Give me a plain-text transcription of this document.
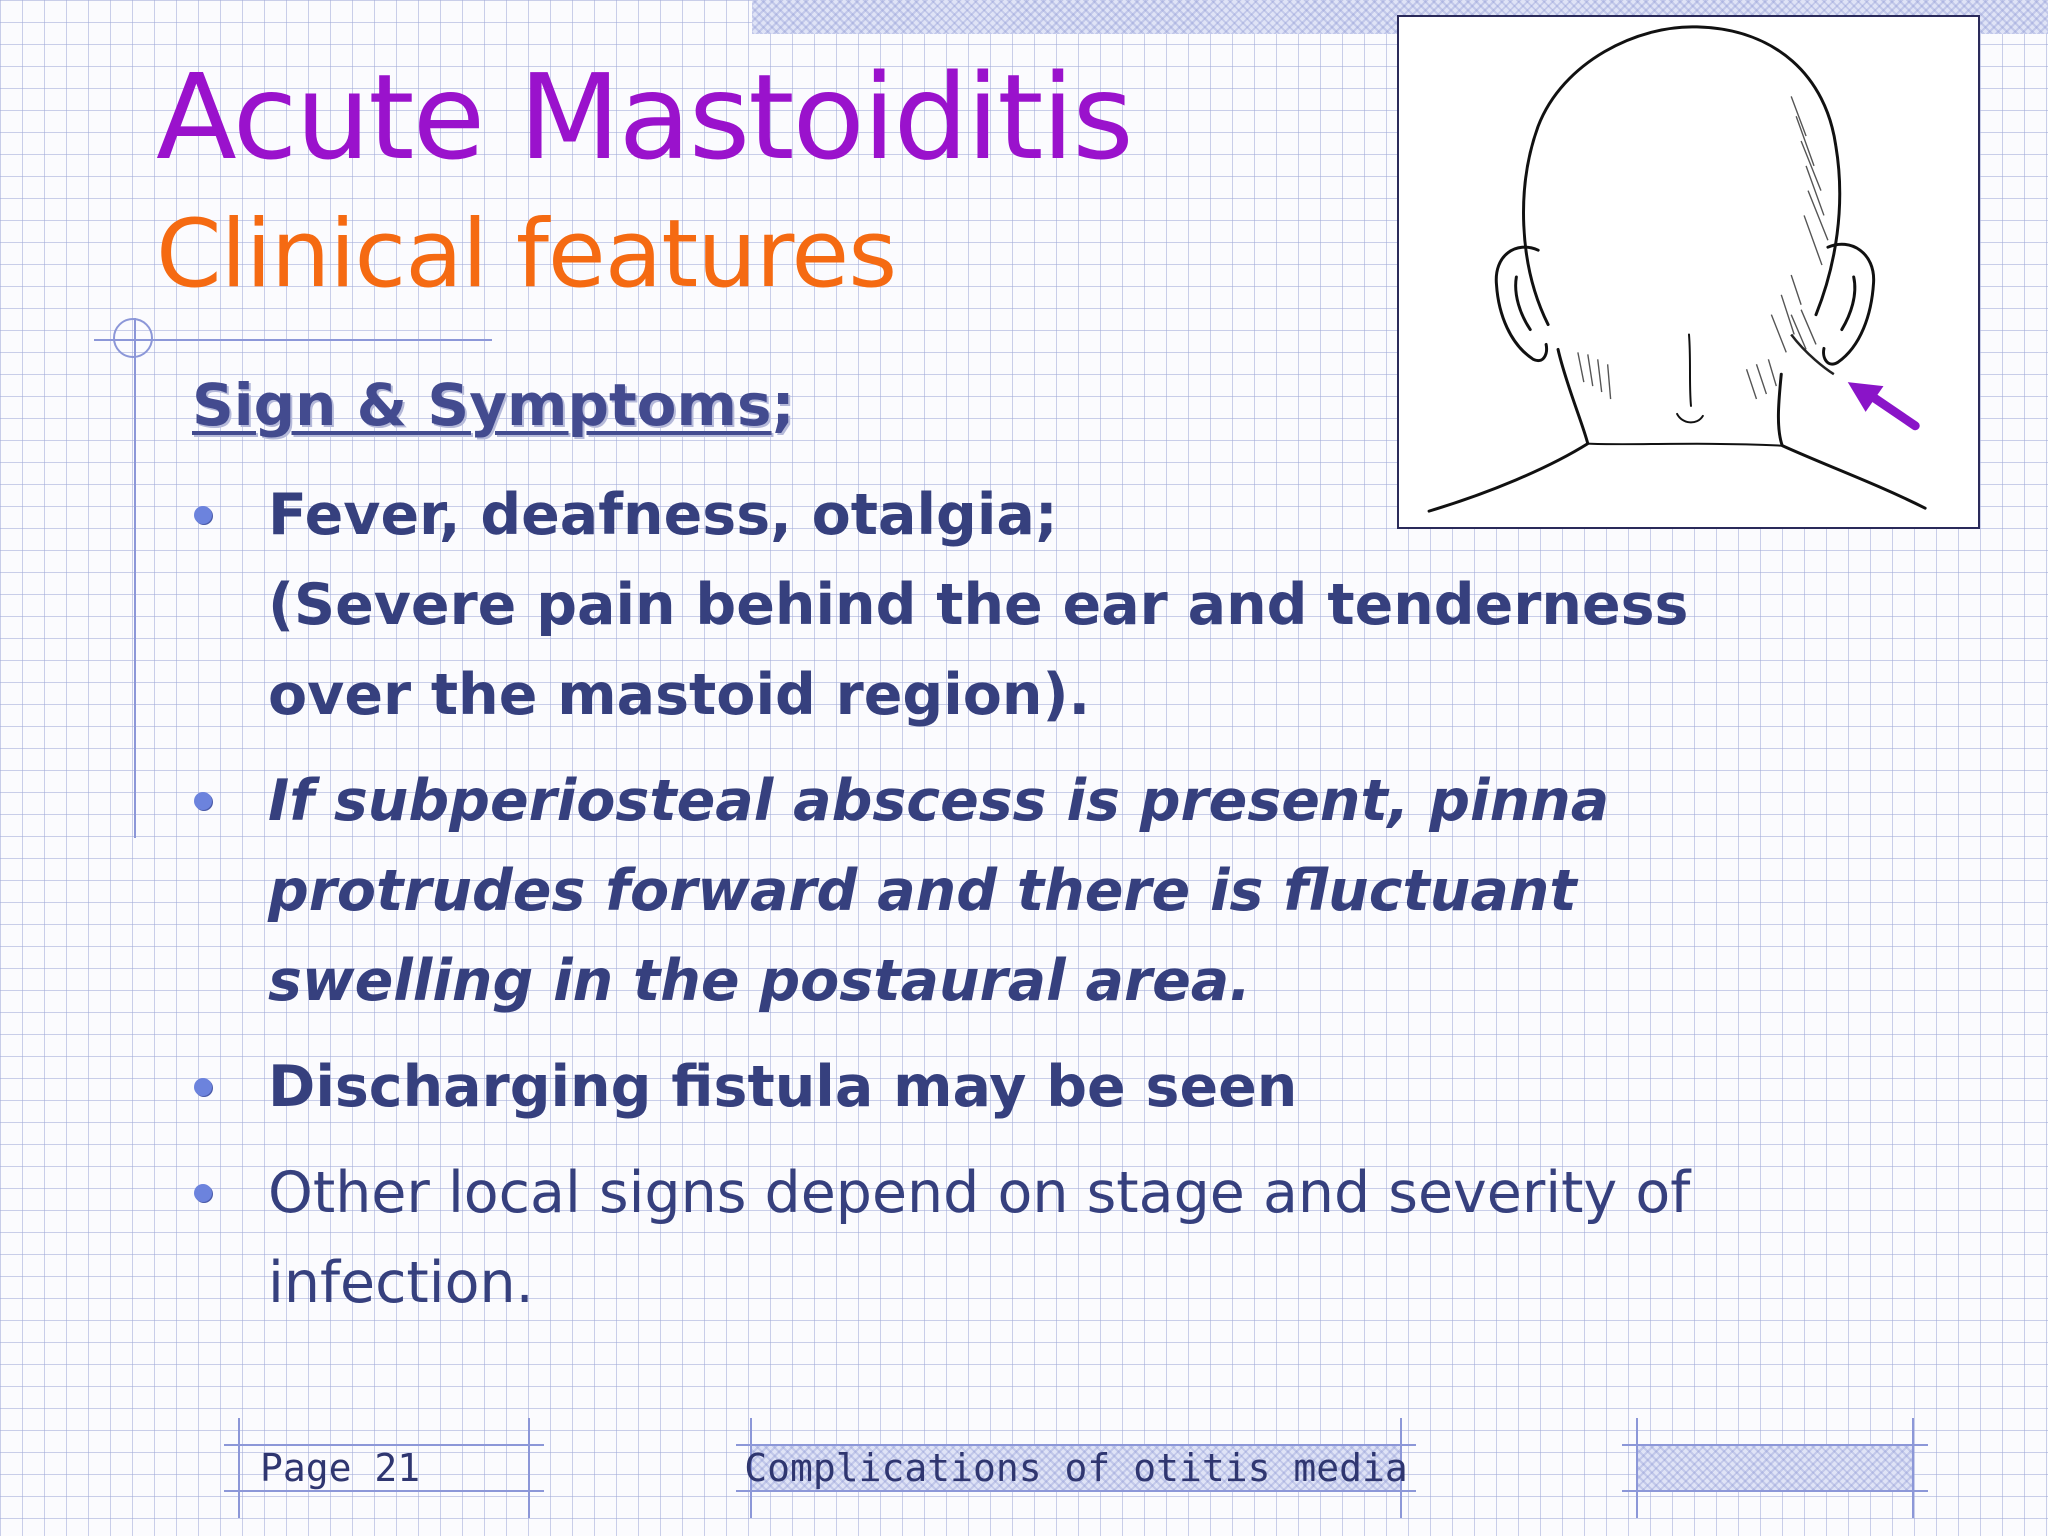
Acute Mastoiditis
Clinical features

Sign & Symptoms;

Fever, deafness, otalgia;
(Severe pain behind the ear and tenderness
over the mastoid region).
If subperiosteal abscess is present, pinna
protrudes forward and there is fluctuant
swelling in the postaural area.
Discharging fistula may be seen
Other local signs depend on stage and severity of
infection.
Page 21	Complications of otitis media
